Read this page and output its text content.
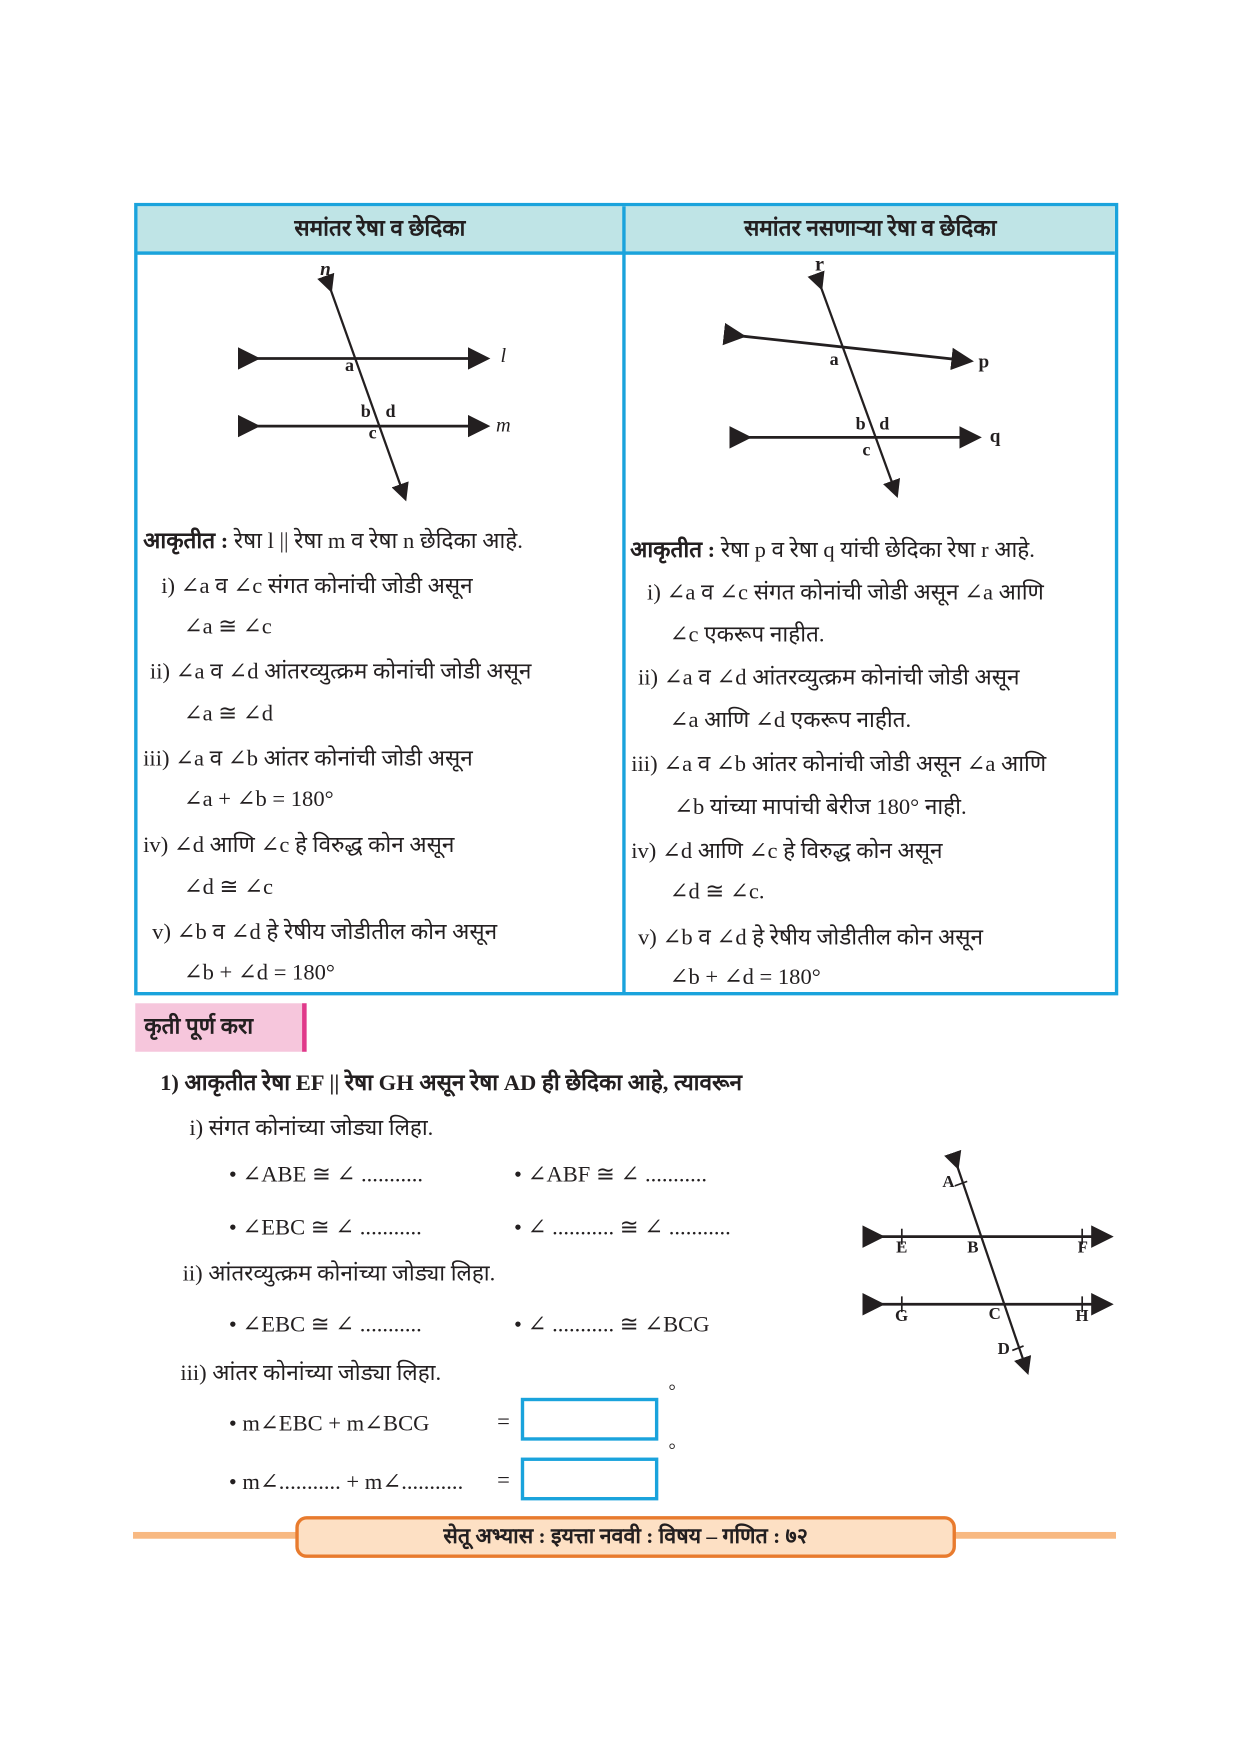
समांतर रेषा व छेदिका	समांतर नसणाऱ्या रेषा व छेदिका
n
l
m
a
b d
c
r
p
q
a
b d
c
आकृतीत : रेषा l || रेषा m व रेषा n छेदिका आहे.
i) ∠a व ∠c संगत कोनांची जोडी असून
∠a ≅ ∠c
ii) ∠a व ∠d आंतरव्युत्क्रम कोनांची जोडी असून
∠a ≅ ∠d
iii) ∠a व ∠b आंतर कोनांची जोडी असून
∠a + ∠b = 180°
iv) ∠d आणि ∠c हे विरुद्ध कोन असून
∠d ≅ ∠c
v) ∠b व ∠d हे रेषीय जोडीतील कोन असून
∠b + ∠d = 180°
आकृतीत : रेषा p व रेषा q यांची छेदिका रेषा r आहे.
i) ∠a व ∠c संगत कोनांची जोडी असून ∠a आणि
∠c एकरूप नाहीत.
ii) ∠a व ∠d आंतरव्युत्क्रम कोनांची जोडी असून
∠a आणि ∠d एकरूप नाहीत.
iii) ∠a व ∠b आंतर कोनांची जोडी असून ∠a आणि
∠b यांच्या मापांची बेरीज 180° नाही.
iv) ∠d आणि ∠c हे विरुद्ध कोन असून
∠d ≅ ∠c.
v) ∠b व ∠d हे रेषीय जोडीतील कोन असून
∠b + ∠d = 180°
कृती पूर्ण करा
1) आकृतीत रेषा EF || रेषा GH असून रेषा AD ही छेदिका आहे, त्यावरून
i) संगत कोनांच्या जोड्या लिहा.
• ∠ABE ≅ ∠ ...........	• ∠ABF ≅ ∠ ...........
• ∠EBC ≅ ∠ ...........	• ∠ ........... ≅ ∠ ...........
ii) आंतरव्युत्क्रम कोनांच्या जोड्या लिहा.
• ∠EBC ≅ ∠ ...........	• ∠ ........... ≅ ∠BCG
iii) आंतर कोनांच्या जोड्या लिहा.
• m∠EBC + m∠BCG	=
°
• m∠........... + m∠........... =
°
A
E	B	F
G	C	H
D
सेतू अभ्यास : इयत्ता नववी : विषय – गणित : ७२
